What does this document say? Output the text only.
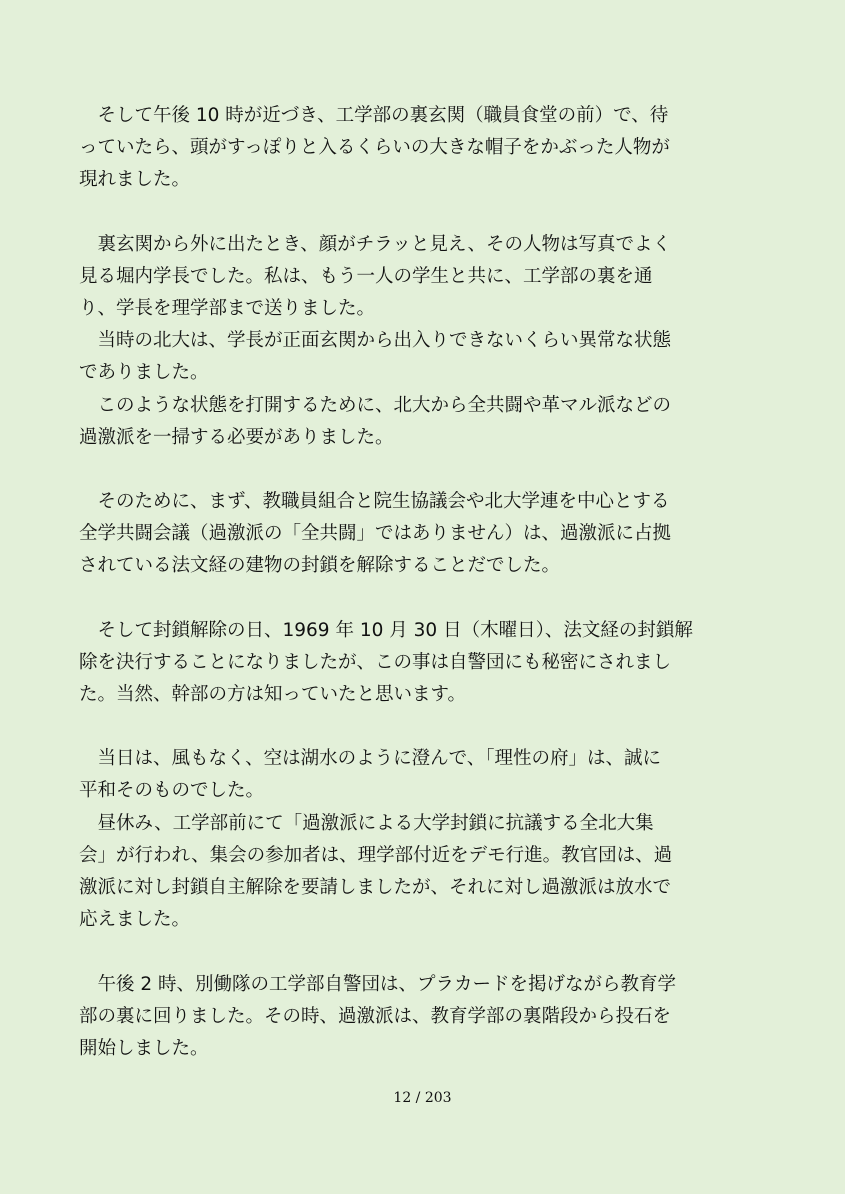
　そして午後 10 時が近づき、工学部の裏玄関（職員食堂の前）で、待
っていたら、頭がすっぽりと入るくらいの大きな帽子をかぶった人物が
現れました。
　裏玄関から外に出たとき、顔がチラッと見え、その人物は写真でよく
見る堀内学長でした。私は、もう一人の学生と共に、工学部の裏を通
り、学長を理学部まで送りました。
　当時の北大は、学長が正面玄関から出入りできないくらい異常な状態
でありました。
　このような状態を打開するために、北大から全共闘や革マル派などの
過激派を一掃する必要がありました。
　そのために、まず、教職員組合と院生協議会や北大学連を中心とする
全学共闘会議（過激派の「全共闘」ではありません）は、過激派に占拠
されている法文経の建物の封鎖を解除することだでした。
　そして封鎖解除の日、1969 年 10 月 30 日（木曜日）、法文経の封鎖解
除を決行することになりましたが、この事は自警団にも秘密にされまし
た。当然、幹部の方は知っていたと思います。
　当日は、風もなく、空は湖水のように澄んで、「理性の府」は、誠に
平和そのものでした。
　昼休み、工学部前にて「過激派による大学封鎖に抗議する全北大集
会」が行われ、集会の参加者は、理学部付近をデモ行進。教官団は、過
激派に対し封鎖自主解除を要請しましたが、それに対し過激派は放水で
応えました。
　午後 2 時、別働隊の工学部自警団は、プラカードを掲げながら教育学
部の裏に回りました。その時、過激派は、教育学部の裏階段から投石を
開始しました。
12 / 203
